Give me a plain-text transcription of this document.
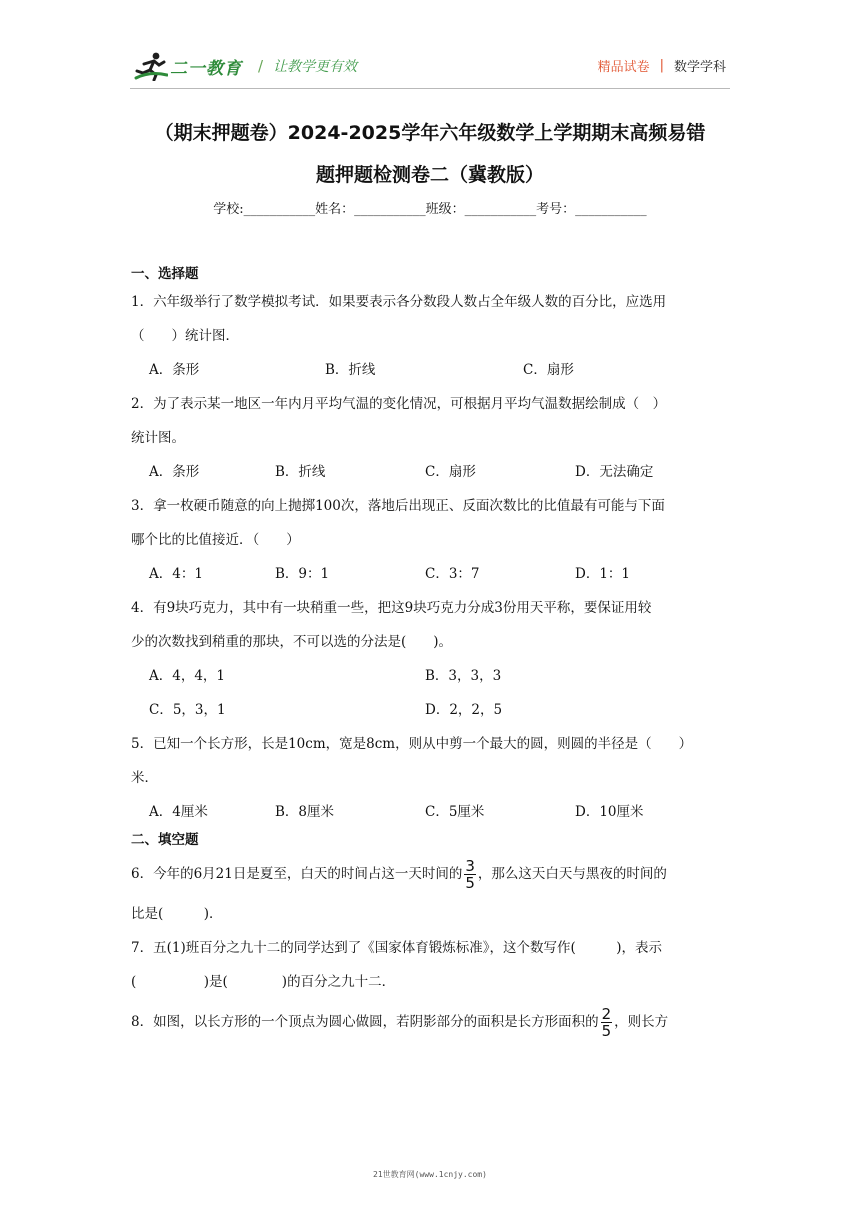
二一教育 / 让教学更有效	精品试卷 | 数学学科
（期末押题卷）2024-2025学年六年级数学上学期期末高频易错
题押题检测卷二（冀教版）
学校:___________姓名：___________班级：___________考号：___________

一、选择题

1．六年级举行了数学模拟考试．如果要表示各分数段人数占全年级人数的百分比，应选用

（　　）统计图．

A．条形	B．折线	C．扇形

2．为了表示某一地区一年内月平均气温的变化情况，可根据月平均气温数据绘制成（　）

统计图。

A．条形	B．折线	C．扇形	D．无法确定

3．拿一枚硬币随意的向上抛掷100次，落地后出现正、反面次数比的比值最有可能与下面

哪个比的比值接近．（　　）

A．4：1	B．9：1	C．3：7	D．1：1

4．有9块巧克力，其中有一块稍重一些，把这9块巧克力分成3份用天平称，要保证用较

少的次数找到稍重的那块，不可以选的分法是(　　)。

A．4，4，1	B．3，3，3
C．5，3，1	D．2，2，5

5．已知一个长方形，长是10cm，宽是8cm，则从中剪一个最大的圆，则圆的半径是（　　）

米．

A．4厘米	B．8厘米	C．5厘米	D．10厘米

二、填空题

6．今年的6月21日是夏至，白天的时间占这一天时间的 $\frac{3}{5}$ ，那么这天白天与黑夜的时间的

比是(　　　)．

7．五(1)班百分之九十二的同学达到了《国家体育锻炼标准》，这个数写作(　　　)，表示

(　　　　　)是(　　　　)的百分之九十二．

8．如图，以长方形的一个顶点为圆心做圆，若阴影部分的面积是长方形面积的 $\frac{2}{5}$ ，则长方

21世教育网(www.1cnjy.com)
